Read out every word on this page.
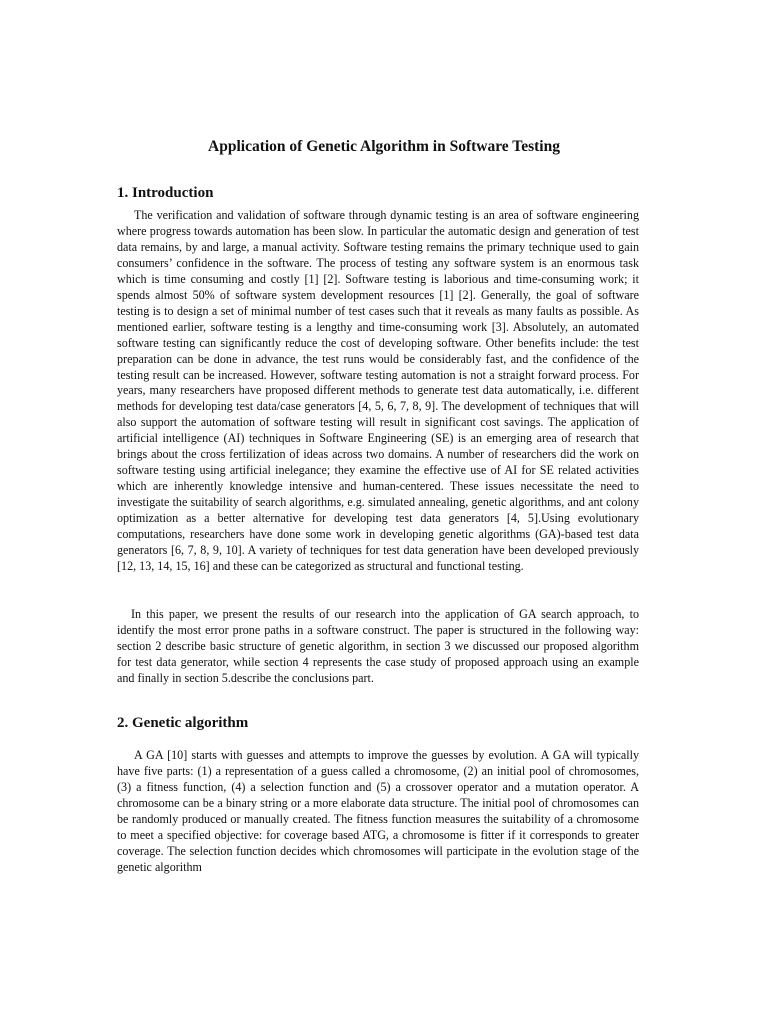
Application of Genetic Algorithm in Software Testing
1. Introduction

The verification and validation of software through dynamic testing is an area of software engineering where progress towards automation has been slow. In particular the automatic design and generation of test data remains, by and large, a manual activity. Software testing remains the primary technique used to gain consumers’ confidence in the software. The process of testing any software system is an enormous task which is time consuming and costly [1] [2]. Software testing is laborious and time-consuming work; it spends almost 50% of software system development resources [1] [2]. Generally, the goal of software testing is to design a set of minimal number of test cases such that it reveals as many faults as possible. As mentioned earlier, software testing is a lengthy and time-consuming work [3]. Absolutely, an automated software testing can significantly reduce the cost of developing software. Other benefits include: the test preparation can be done in advance, the test runs would be considerably fast, and the confidence of the testing result can be increased. However, software testing automation is not a straight forward process. For years, many researchers have proposed different methods to generate test data automatically, i.e. different methods for developing test data/case generators [4, 5, 6, 7, 8, 9]. The development of techniques that will also support the automation of software testing will result in significant cost savings. The application of artificial intelligence (AI) techniques in Software Engineering (SE) is an emerging area of research that brings about the cross fertilization of ideas across two domains. A number of researchers did the work on software testing using artificial inelegance; they examine the effective use of AI for SE related activities which are inherently knowledge intensive and human-centered. These issues necessitate the need to investigate the suitability of search algorithms, e.g. simulated annealing, genetic algorithms, and ant colony optimization as a better alternative for developing test data generators [4, 5].Using evolutionary computations, researchers have done some work in developing genetic algorithms (GA)-based test data generators [6, 7, 8, 9, 10]. A variety of techniques for test data generation have been developed previously [12, 13, 14, 15, 16] and these can be categorized as structural and functional testing.

In this paper, we present the results of our research into the application of GA search approach, to identify the most error prone paths in a software construct. The paper is structured in the following way: section 2 describe basic structure of genetic algorithm, in section 3 we discussed our proposed algorithm for test data generator, while section 4 represents the case study of proposed approach using an example and finally in section 5.describe the conclusions part.

2. Genetic algorithm

A GA [10] starts with guesses and attempts to improve the guesses by evolution. A GA will typically have five parts: (1) a representation of a guess called a chromosome, (2) an initial pool of chromosomes, (3) a fitness function, (4) a selection function and (5) a crossover operator and a mutation operator. A chromosome can be a binary string or a more elaborate data structure. The initial pool of chromosomes can be randomly produced or manually created. The fitness function measures the suitability of a chromosome to meet a specified objective: for coverage based ATG, a chromosome is fitter if it corresponds to greater coverage. The selection function decides which chromosomes will participate in the evolution stage of the genetic algorithm
